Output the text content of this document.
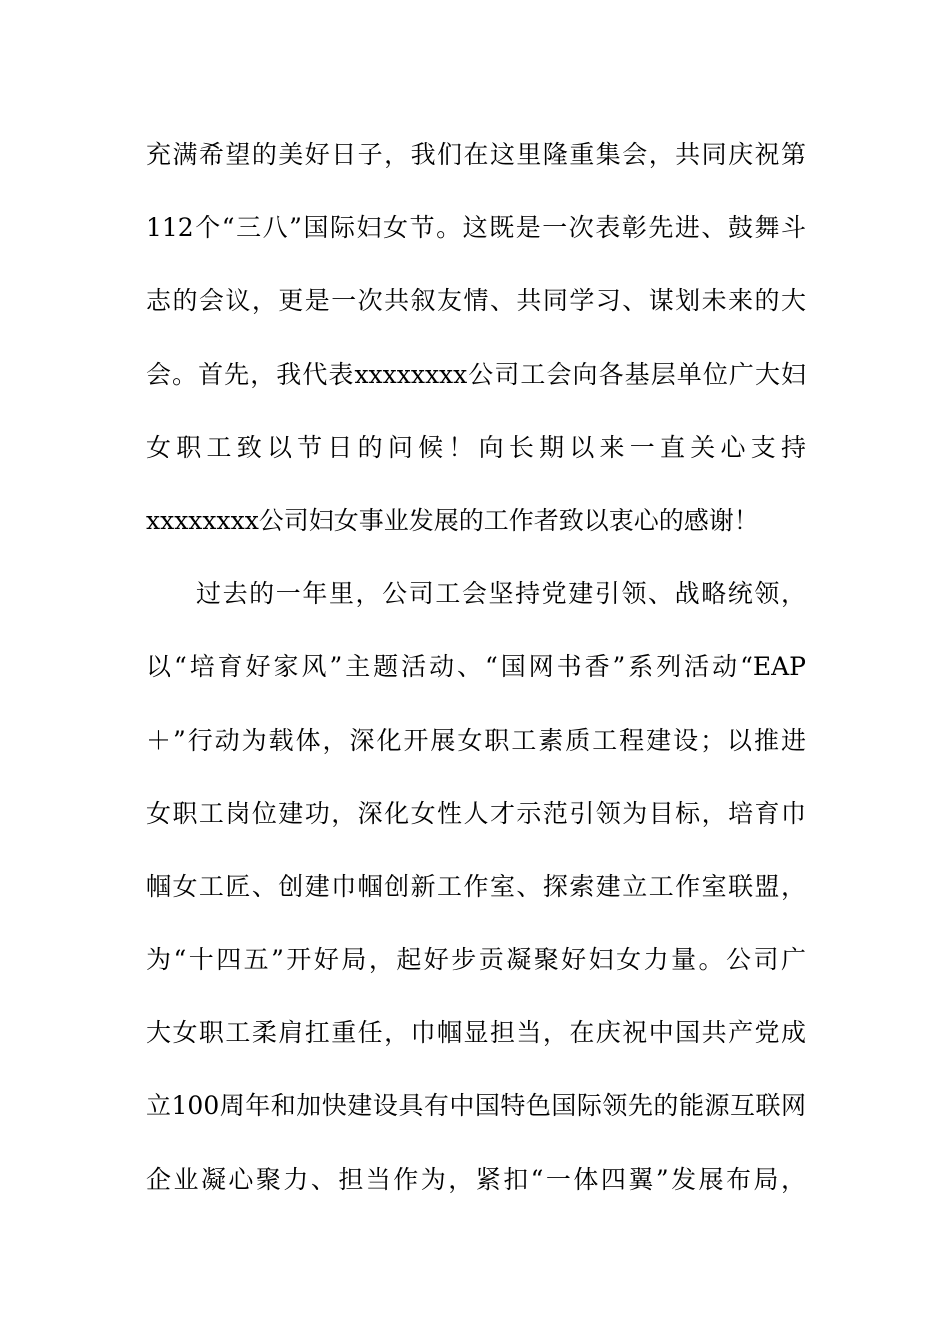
充满希望的美好日子，我们在这里隆重集会，共同庆祝第
112个“三八”国际妇女节。这既是一次表彰先进、鼓舞斗
志的会议，更是一次共叙友情、共同学习、谋划未来的大
会。首先，我代表xxxxxxxx公司工会向各基层单位广大妇
女职工致以节日的问候！向长期以来一直关心支持
xxxxxxxx公司妇女事业发展的工作者致以衷心的感谢！
过去的一年里，公司工会坚持党建引领、战略统领，
以“培育好家风”主题活动、“国网书香”系列活动“EAP
＋”行动为载体，深化开展女职工素质工程建设；以推进
女职工岗位建功，深化女性人才示范引领为目标，培育巾
帼女工匠、创建巾帼创新工作室、探索建立工作室联盟，
为“十四五”开好局，起好步贡凝聚好妇女力量。公司广
大女职工柔肩扛重任，巾帼显担当，在庆祝中国共产党成
立100周年和加快建设具有中国特色国际领先的能源互联网
企业凝心聚力、担当作为，紧扣“一体四翼”发展布局，
